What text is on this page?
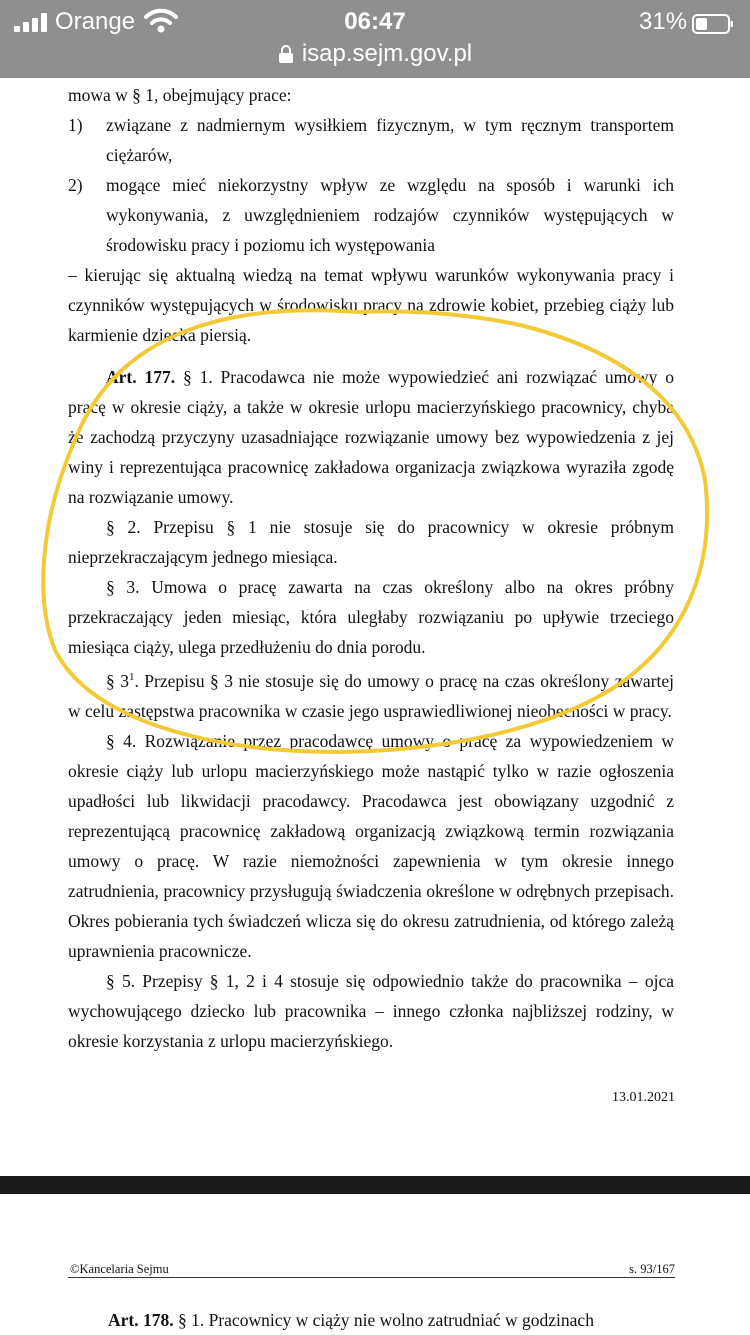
Orange	06:47	31%
isap.sejm.gov.pl

mowa w § 1, obejmujący prace:

1)	związane z nadmiernym wysiłkiem fizycznym, w tym ręcznym transportem ciężarów,
2)	mogące mieć niekorzystny wpływ ze względu na sposób i warunki ich wykonywania, z uwzględnieniem rodzajów czynników występujących w środowisku pracy i poziomu ich występowania

– kierując się aktualną wiedzą na temat wpływu warunków wykonywania pracy i czynników występujących w środowisku pracy na zdrowie kobiet, przebieg ciąży lub karmienie dziecka piersią.

Art. 177. § 1. Pracodawca nie może wypowiedzieć ani rozwiązać umowy o pracę w okresie ciąży, a także w okresie urlopu macierzyńskiego pracownicy, chyba że zachodzą przyczyny uzasadniające rozwiązanie umowy bez wypowiedzenia z jej winy i reprezentująca pracownicę zakładowa organizacja związkowa wyraziła zgodę na rozwiązanie umowy.

§ 2. Przepisu § 1 nie stosuje się do pracownicy w okresie próbnym nieprzekraczającym jednego miesiąca.

§ 3. Umowa o pracę zawarta na czas określony albo na okres próbny przekraczający jeden miesiąc, która uległaby rozwiązaniu po upływie trzeciego miesiąca ciąży, ulega przedłużeniu do dnia porodu.

§ $3^1$. Przepisu § 3 nie stosuje się do umowy o pracę na czas określony zawartej w celu zastępstwa pracownika w czasie jego usprawiedliwionej nieobecności w pracy.

§ 4. Rozwiązanie przez pracodawcę umowy o pracę za wypowiedzeniem w okresie ciąży lub urlopu macierzyńskiego może nastąpić tylko w razie ogłoszenia upadłości lub likwidacji pracodawcy. Pracodawca jest obowiązany uzgodnić z reprezentującą pracownicę zakładową organizacją związkową termin rozwiązania umowy o pracę. W razie niemożności zapewnienia w tym okresie innego zatrudnienia, pracownicy przysługują świadczenia określone w odrębnych przepisach. Okres pobierania tych świadczeń wlicza się do okresu zatrudnienia, od którego zależą uprawnienia pracownicze.

§ 5. Przepisy § 1, 2 i 4 stosuje się odpowiednio także do pracownika – ojca wychowującego dziecko lub pracownika – innego członka najbliższej rodziny, w okresie korzystania z urlopu macierzyńskiego.

13.01.2021
©Kancelaria Sejmu	s. 93/167
Art. 178. § 1. Pracownicy w ciąży nie wolno zatrudniać w godzinach
